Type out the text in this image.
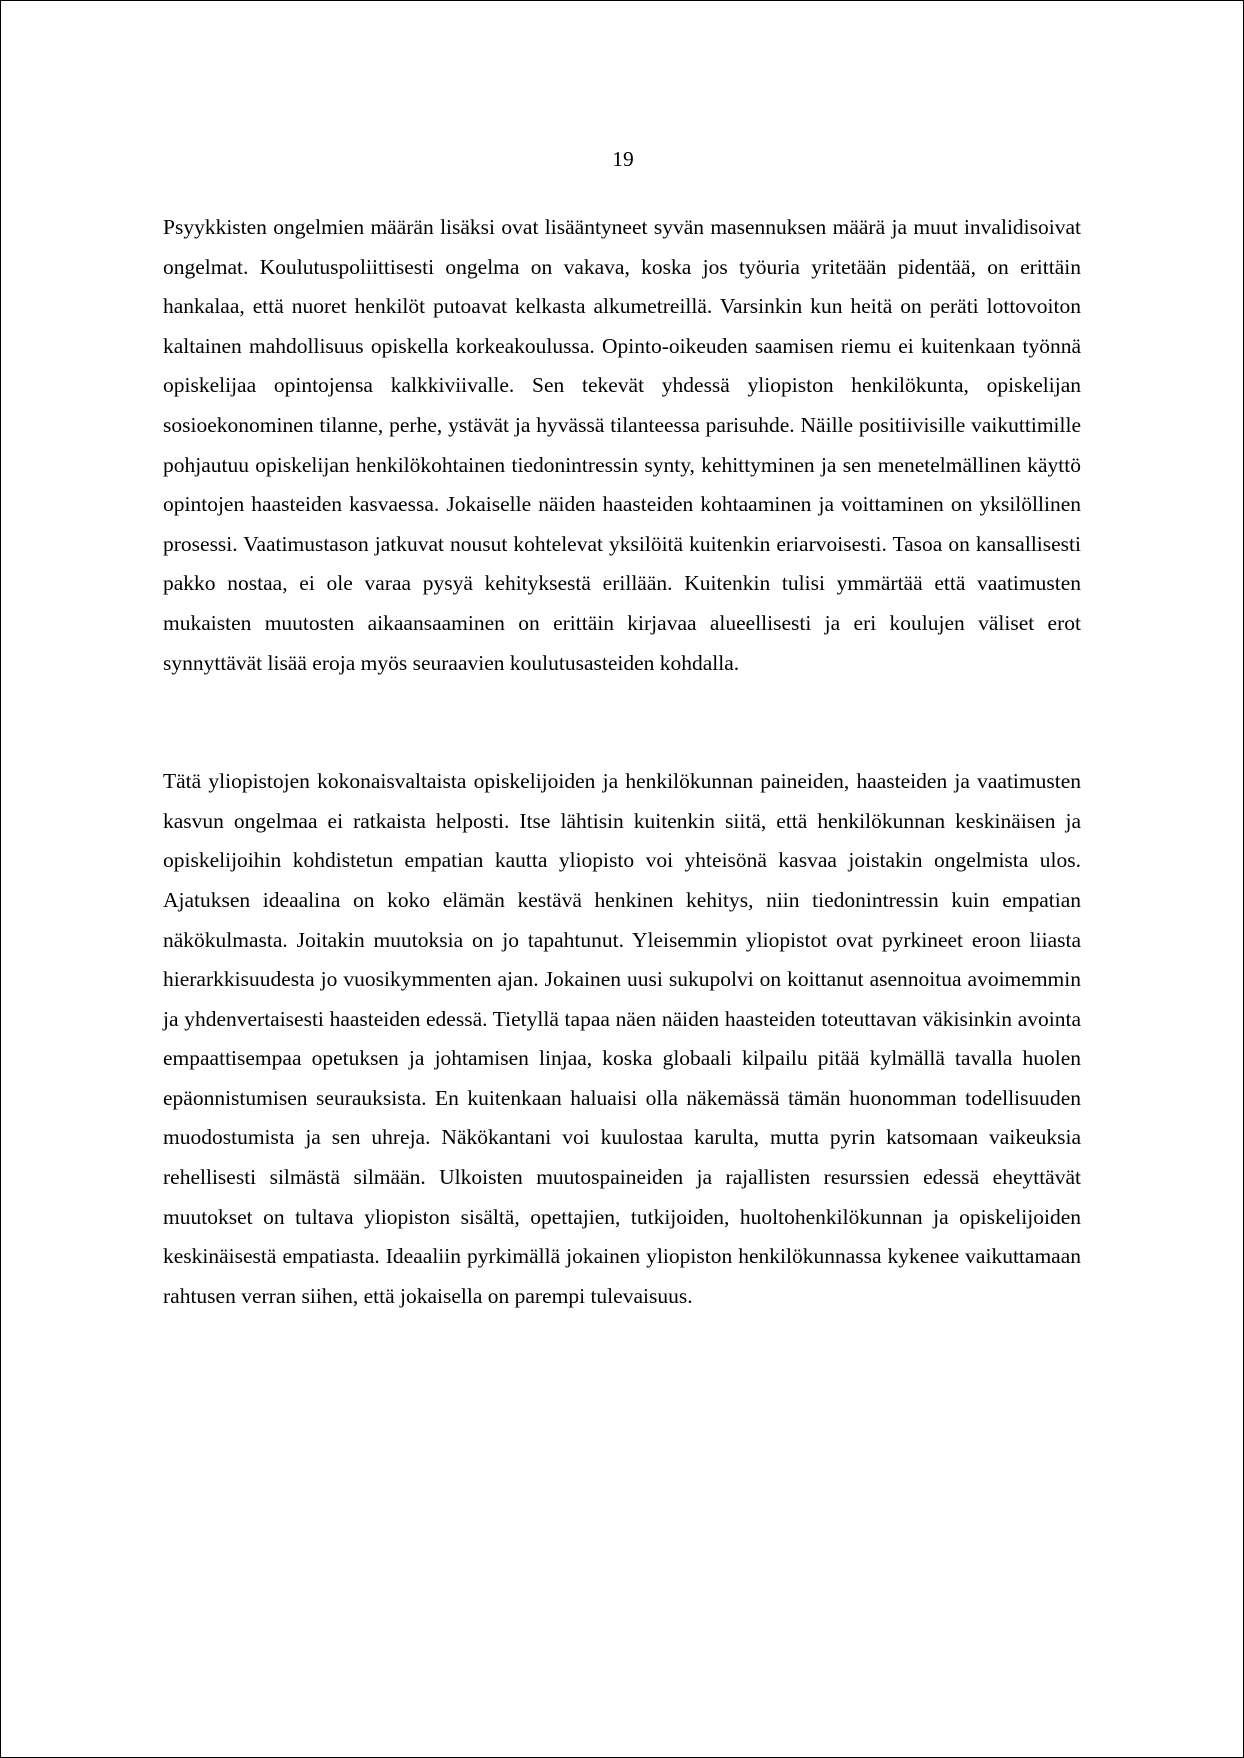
19

Psyykkisten ongelmien määrän lisäksi ovat lisääntyneet syvän masennuksen määrä ja muut invalidisoivat ongelmat. Koulutuspoliittisesti ongelma on vakava, koska jos työuria yritetään pidentää, on erittäin hankalaa, että nuoret henkilöt putoavat kelkasta alkumetreillä. Varsinkin kun heitä on peräti lottovoiton kaltainen mahdollisuus opiskella korkeakoulussa. Opinto-oikeuden saamisen riemu ei kuitenkaan työnnä opiskelijaa opintojensa kalkkiviivalle. Sen tekevät yhdessä yliopiston henkilökunta, opiskelijan sosioekonominen tilanne, perhe, ystävät ja hyvässä tilanteessa parisuhde. Näille positiivisille vaikuttimille pohjautuu opiskelijan henkilökohtainen tiedonintressin synty, kehittyminen ja sen menetelmällinen käyttö opintojen haasteiden kasvaessa. Jokaiselle näiden haasteiden kohtaaminen ja voittaminen on yksilöllinen prosessi. Vaatimustason jatkuvat nousut kohtelevat yksilöitä kuitenkin eriarvoisesti. Tasoa on kansallisesti pakko nostaa, ei ole varaa pysyä kehityksestä erillään. Kuitenkin tulisi ymmärtää että vaatimusten mukaisten muutosten aikaansaaminen on erittäin kirjavaa alueellisesti ja eri koulujen väliset erot synnyttävät lisää eroja myös seuraavien koulutusasteiden kohdalla.

Tätä yliopistojen kokonaisvaltaista opiskelijoiden ja henkilökunnan paineiden, haasteiden ja vaatimusten kasvun ongelmaa ei ratkaista helposti. Itse lähtisin kuitenkin siitä, että henkilökunnan keskinäisen ja opiskelijoihin kohdistetun empatian kautta yliopisto voi yhteisönä kasvaa joistakin ongelmista ulos. Ajatuksen ideaalina on koko elämän kestävä henkinen kehitys, niin tiedonintressin kuin empatian näkökulmasta. Joitakin muutoksia on jo tapahtunut. Yleisemmin yliopistot ovat pyrkineet eroon liiasta hierarkkisuudesta jo vuosikymmenten ajan. Jokainen uusi sukupolvi on koittanut asennoitua avoimemmin ja yhdenvertaisesti haasteiden edessä. Tietyllä tapaa näen näiden haasteiden toteuttavan väkisinkin avointa empaattisempaa opetuksen ja johtamisen linjaa, koska globaali kilpailu pitää kylmällä tavalla huolen epäonnistumisen seurauksista. En kuitenkaan haluaisi olla näkemässä tämän huonomman todellisuuden muodostumista ja sen uhreja. Näkökantani voi kuulostaa karulta, mutta pyrin katsomaan vaikeuksia rehellisesti silmästä silmään. Ulkoisten muutospaineiden ja rajallisten resurssien edessä eheyttävät muutokset on tultava yliopiston sisältä, opettajien, tutkijoiden, huoltohenkilökunnan ja opiskelijoiden keskinäisestä empatiasta. Ideaaliin pyrkimällä jokainen yliopiston henkilökunnassa kykenee vaikuttamaan rahtusen verran siihen, että jokaisella on parempi tulevaisuus.
